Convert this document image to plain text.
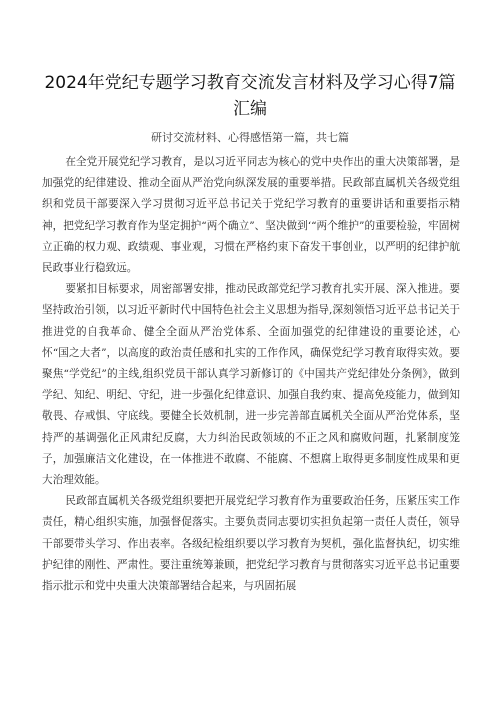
2024年党纪专题学习教育交流发言材料及学习心得7篇汇编

研讨交流材料、心得感悟第一篇，共七篇

在全党开展党纪学习教育，是以习近平同志为核心的党中央作出的重大决策部署，是加强党的纪律建设、推动全面从严治党向纵深发展的重要举措。民政部直属机关各级党组织和党员干部要深入学习贯彻习近平总书记关于党纪学习教育的重要讲话和重要指示精神，把党纪学习教育作为坚定拥护“两个确立”、坚决做到‘“两个维护”的重要检验，牢固树立正确的权力观、政绩观、事业观，习惯在严格约束下奋发干事创业，以严明的纪律护航民政事业行稳致远。

要紧扣目标要求，周密部署安排，推动民政部党纪学习教育扎实开展、深入推进。要坚持政治引领，以习近平新时代中国特色社会主义思想为指导,深刻领悟习近平总书记关于推进党的自我革命、健全全面从严治党体系、全面加强党的纪律建设的重要论述，心怀“国之大者”，以高度的政治责任感和扎实的工作作风，确保党纪学习教育取得实效。要聚焦“学党纪”的主线,组织党员干部认真学习新修订的《中国共产党纪律处分条例》，做到学纪、知纪、明纪、守纪，进一步强化纪律意识、加强自我约束、提高免疫能力，做到知敬畏、存戒惧、守底线。要健全长效机制，进一步完善部直属机关全面从严治党体系，坚持严的基调强化正风肃纪反腐，大力纠治民政领域的不正之风和腐败问题，扎紧制度笼子，加强廉洁文化建设，在一体推进不敢腐、不能腐、不想腐上取得更多制度性成果和更大治理效能。

民政部直属机关各级党组织要把开展党纪学习教育作为重要政治任务，压紧压实工作责任，精心组织实施，加强督促落实。主要负责同志要切实担负起第一责任人责任，领导干部要带头学习、作出表率。各级纪检组织要以学习教育为契机，强化监督执纪，切实维护纪律的刚性、严肃性。要注重统筹兼顾，把党纪学习教育与贯彻落实习近平总书记重要指示批示和党中央重大决策部署结合起来，与巩固拓展
